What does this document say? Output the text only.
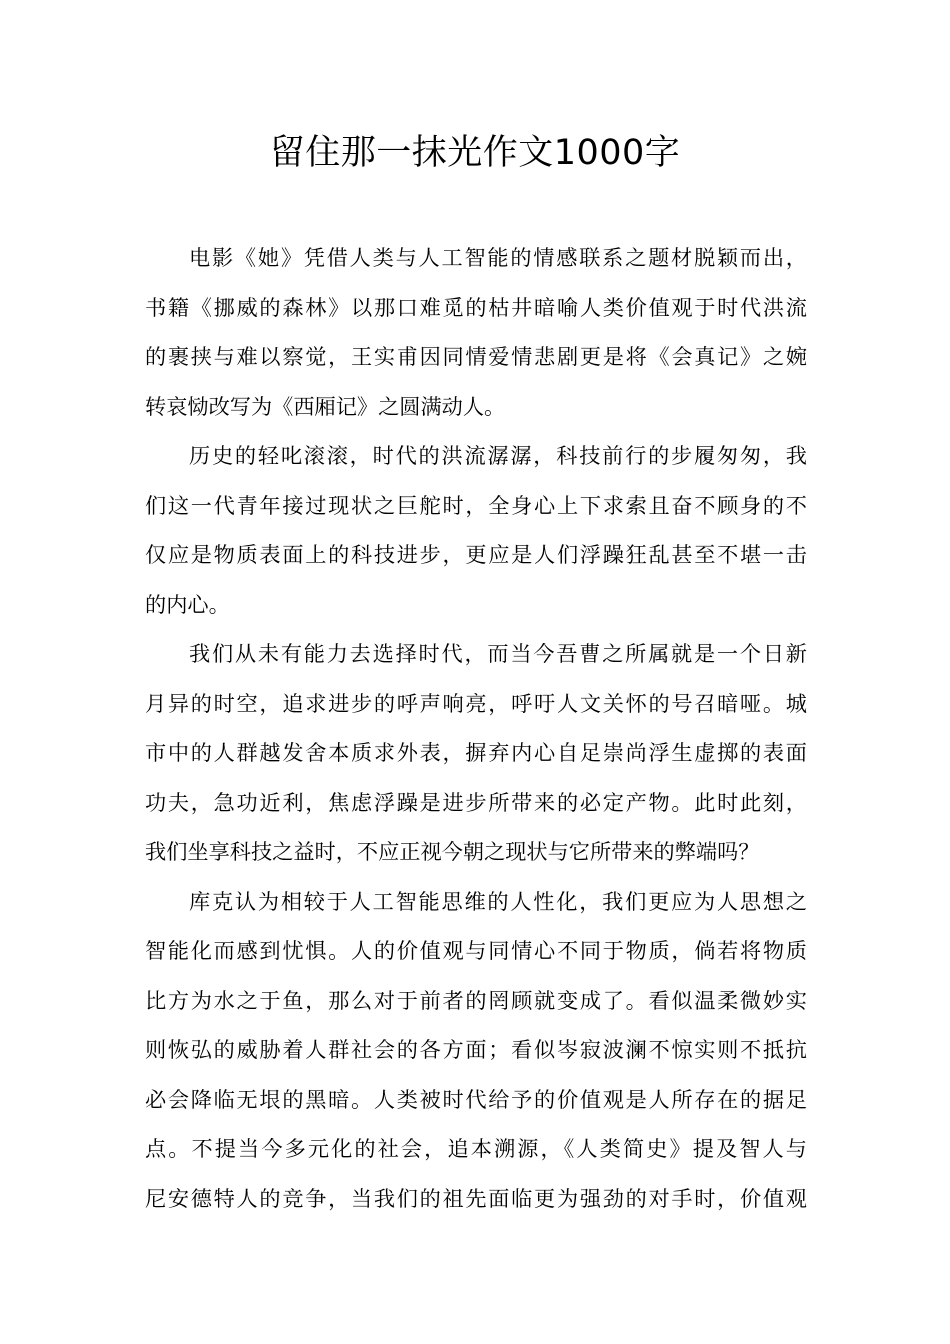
留住那一抹光作文1000字
电影《她》凭借人类与人工智能的情感联系之题材脱颖而出，
书籍《挪威的森林》以那口难觅的枯井暗喻人类价值观于时代洪流
的裹挟与难以察觉，王实甫因同情爱情悲剧更是将《会真记》之婉
转哀恸改写为《西厢记》之圆满动人。
历史的轻叱滚滚，时代的洪流潺潺，科技前行的步履匆匆，我
们这一代青年接过现状之巨舵时，全身心上下求索且奋不顾身的不
仅应是物质表面上的科技进步，更应是人们浮躁狂乱甚至不堪一击
的内心。
我们从未有能力去选择时代，而当今吾曹之所属就是一个日新
月异的时空，追求进步的呼声响亮，呼吁人文关怀的号召暗哑。城
市中的人群越发舍本质求外表，摒弃内心自足崇尚浮生虚掷的表面
功夫，急功近利，焦虑浮躁是进步所带来的必定产物。此时此刻，
我们坐享科技之益时，不应正视今朝之现状与它所带来的弊端吗？
库克认为相较于人工智能思维的人性化，我们更应为人思想之
智能化而感到忧惧。人的价值观与同情心不同于物质，倘若将物质
比方为水之于鱼，那么对于前者的罔顾就变成了。看似温柔微妙实
则恢弘的威胁着人群社会的各方面；看似岑寂波澜不惊实则不抵抗
必会降临无垠的黑暗。人类被时代给予的价值观是人所存在的据足
点。不提当今多元化的社会，追本溯源，《人类简史》提及智人与
尼安德特人的竞争，当我们的祖先面临更为强劲的对手时，价值观
